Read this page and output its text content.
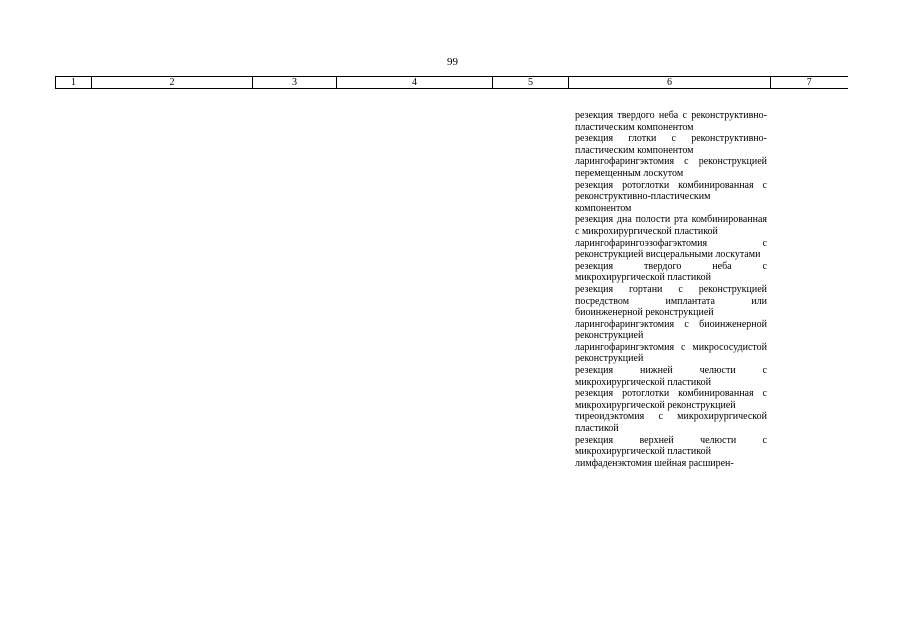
99
1	2	3	4	5	6	7
резекция твердого неба с реконструктивно-пластическим компонентом
резекция глотки с реконструктивно-пластическим компонентом
ларингофарингэктомия с реконструкцией перемещенным лоскутом
резекция ротоглотки комбинированная с реконструктивно-пластическим компонентом
резекция дна полости рта комбинированная с микрохирургической пластикой
ларингофарингоэзофагэктомия с реконструкцией висцеральными лоскутами
резекция твердого неба с микрохирургической пластикой
резекция гортани с реконструкцией посредством имплантата или биоинженерной реконструкцией
ларингофарингэктомия с биоинженерной реконструкцией
ларингофарингэктомия с микрососудистой реконструкцией
резекция нижней челюсти с микрохирургической пластикой
резекция ротоглотки комбинированная с микрохирургической реконструкцией
тиреоидэктомия с микрохирургической пластикой
резекция верхней челюсти с микрохирургической пластикой
лимфаденэктомия шейная расширен-
